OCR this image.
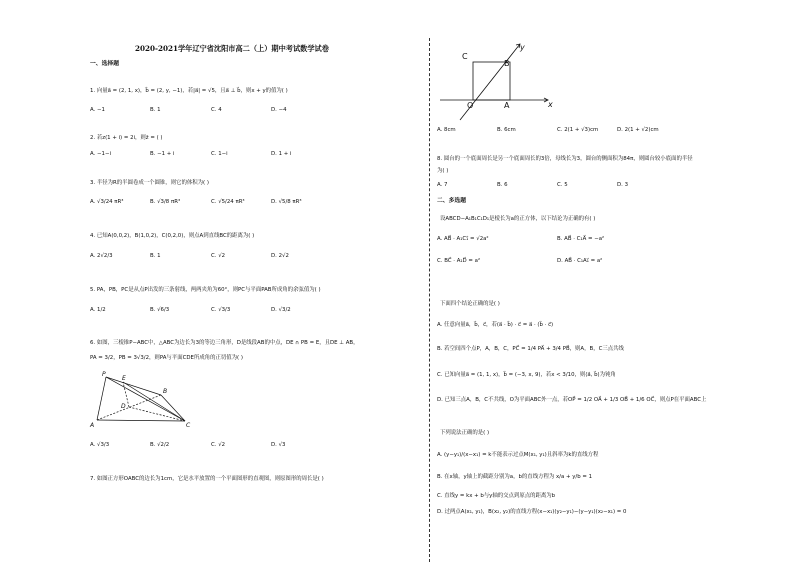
2020-2021学年辽宁省沈阳市高二（上）期中考试数学试卷
一、选择题
1. 向量a⃗ = (2, 1, x)，b⃗ = (2, y, −1)，若|a⃗| = √5，且a⃗ ⊥ b⃗，则x + y的值为( )
A. −1	B. 1	C. 4	D. −4
2. 若z(1 + i) = 2i，则z̄ = ( )
A. −1−i	B. −1 + i	C. 1−i	D. 1 + i
3. 半径为R的半圆卷成一个圆锥，则它的体积为( )
A. √3/24 πR³	B. √3/8 πR³	C. √5/24 πR³	D. √5/8 πR³
4. 已知A(0,0,2)，B(1,0,2)，C(0,2,0)，则点A到直线BC的距离为( )
A. 2√2/3	B. 1	C. √2	D. 2√2
5. PA，PB，PC是从点P出发的三条射线，两两夹角为60°，则PC与平面PAB所成角的余弦值为( )
A. 1/2	B. √6/3	C. √3/3	D. √3/2
6. 如图，三棱锥P−ABC中，△ABC为边长为3的等边三角形，D是线段AB的中点，DE ∩ PB = E，且DE ⊥ AB，
PA = 3/2，PB = 3√3/2，则PA与平面CDE所成角的正切值为( )
P
E
B
D
A	C
A. √3/3	B. √2/2	C. √2	D. √3
7. 如图正方形OABC的边长为1cm，它是水平放置的一个平面图形的直观图，则原图形的周长是( )
C
B
O	A	x
y
A. 8cm	B. 6cm	C. 2(1 + √3)cm	D. 2(1 + √2)cm
8. 圆台的一个底面周长是另一个底面周长的3倍，母线长为3，圆台的侧面积为84π，则圆台较小底面的半径
为( )
A. 7	B. 6	C. 5	D. 3
二、多选题
设ABCD−A₁B₁C₁D₁是棱长为a的正方体，以下结论为正确的有( )
A. AB⃗ · A₁C₁⃗ = √2a²	B. AB⃗ · C₁A⃗ = −a²
C. BC⃗ · A₁D⃗ = a²	D. AB⃗ · C₁A₁⃗ = a²
下面四个结论正确的是( )
A. 任意向量a⃗，b⃗，c⃗，若(a⃗ · b⃗) · c⃗ = a⃗ · (b⃗ · c⃗)
B. 若空间四个点P，A，B，C，PC⃗ = 1/4 PA⃗ + 3/4 PB⃗，则A，B，C三点共线
C. 已知向量a⃗ = (1, 1, x)，b⃗ = (−3, x, 9)，若x < 3/10，则⟨a⃗, b⃗⟩为钝角
D. 已知三点A，B，C不共线，O为平面ABC外一点，若OP⃗ = 1/2 OA⃗ + 1/3 OB⃗ + 1/6 OC⃗，则点P在平面ABC上
下列说法正确的是( )
A. (y−y₁)/(x−x₁) = k不能表示过点M(x₁, y₁)且斜率为k的直线方程
B. 在x轴，y轴上的截距分别为a，b的直线方程为 x/a + y/b = 1
C. 直线y = kx + b与y轴的交点到原点的距离为b
D. 过两点A(x₁, y₁)，B(x₂, y₂)的直线方程(x−x₁)(y₂−y₁)−(y−y₁)(x₂−x₁) = 0
